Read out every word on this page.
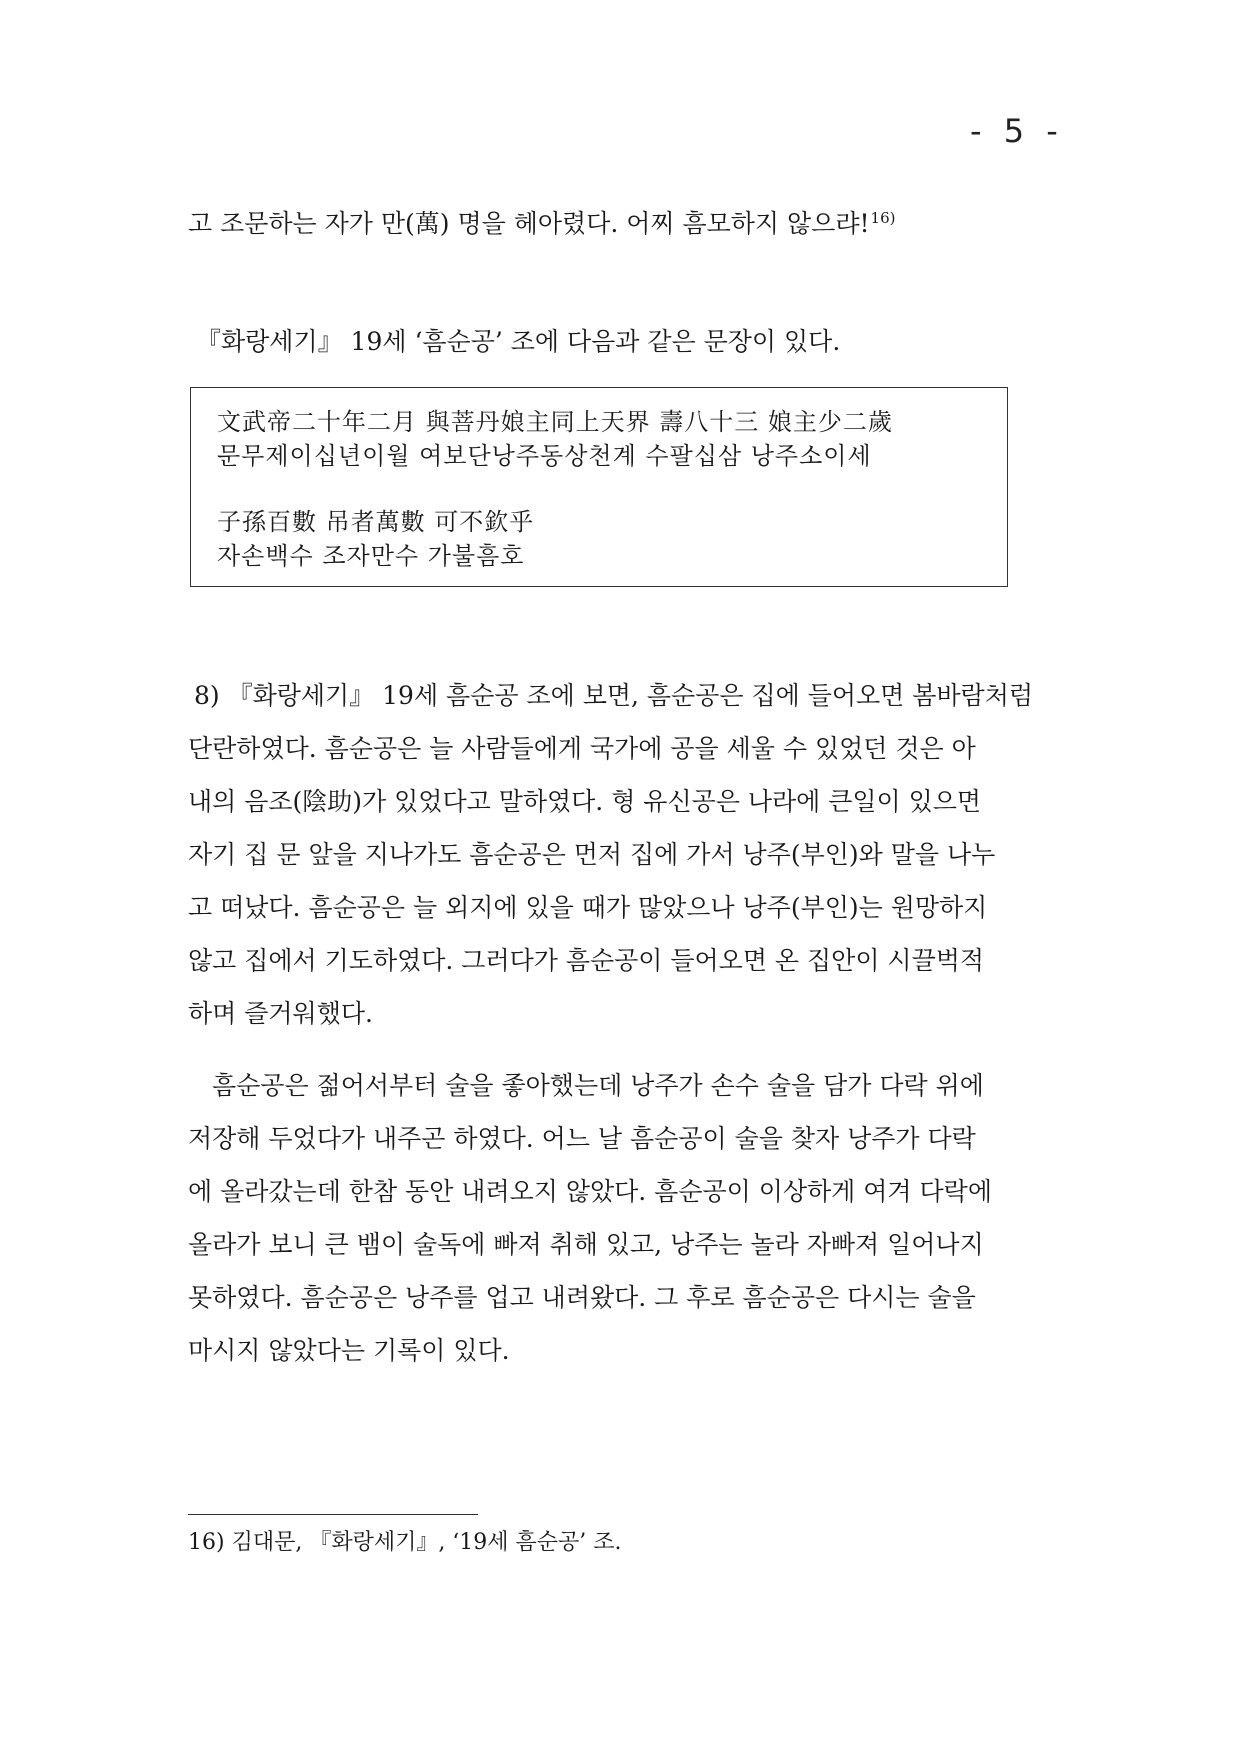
- 5 -
고 조문하는 자가 만(萬) 명을 헤아렸다. 어찌 흠모하지 않으랴!$^{16)}$
『화랑세기』 19세 ‘흠순공’ 조에 다음과 같은 문장이 있다.
文武帝二十年二月 與菩丹娘主同上天界 壽八十三 娘主少二歲
문무제이십년이월 여보단낭주동상천계 수팔십삼 낭주소이세
子孫百數 吊者萬數 可不欽乎
자손백수 조자만수 가불흠호
8) 『화랑세기』 19세 흠순공 조에 보면, 흠순공은 집에 들어오면 봄바람처럼
단란하였다. 흠순공은 늘 사람들에게 국가에 공을 세울 수 있었던 것은 아
내의 음조(陰助)가 있었다고 말하였다. 형 유신공은 나라에 큰일이 있으면
자기 집 문 앞을 지나가도 흠순공은 먼저 집에 가서 낭주(부인)와 말을 나누
고 떠났다. 흠순공은 늘 외지에 있을 때가 많았으나 낭주(부인)는 원망하지
않고 집에서 기도하였다. 그러다가 흠순공이 들어오면 온 집안이 시끌벅적
하며 즐거워했다.
흠순공은 젊어서부터 술을 좋아했는데 낭주가 손수 술을 담가 다락 위에
저장해 두었다가 내주곤 하였다. 어느 날 흠순공이 술을 찾자 낭주가 다락
에 올라갔는데 한참 동안 내려오지 않았다. 흠순공이 이상하게 여겨 다락에
올라가 보니 큰 뱀이 술독에 빠져 취해 있고, 낭주는 놀라 자빠져 일어나지
못하였다. 흠순공은 낭주를 업고 내려왔다. 그 후로 흠순공은 다시는 술을
마시지 않았다는 기록이 있다.
16) 김대문, 『화랑세기』, ‘19세 흠순공’ 조.
